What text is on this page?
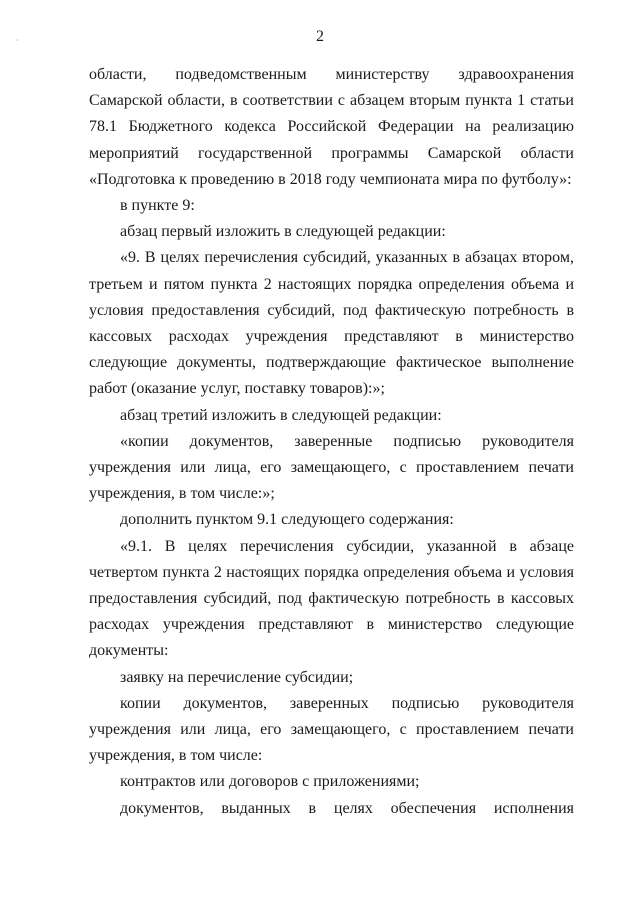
·	2

области, подведомственным министерству здравоохранения Самарской области, в соответствии с абзацем вторым пункта 1 статьи 78.1 Бюджетного кодекса Российской Федерации на реализацию мероприятий государственной программы Самарской области «Подготовка к проведению в 2018 году чемпионата мира по футболу»:

в пункте 9:

абзац первый изложить в следующей редакции:

«9. В целях перечисления субсидий, указанных в абзацах втором, третьем и пятом пункта 2 настоящих порядка определения объема и условия предоставления субсидий, под фактическую потребность в кассовых расходах учреждения представляют в министерство следующие документы, подтверждающие фактическое выполнение работ (оказание услуг, поставку товаров):»;

абзац третий изложить в следующей редакции:

«копии документов, заверенные подписью руководителя учреждения или лица, его замещающего, с проставлением печати учреждения, в том числе:»;

дополнить пунктом 9.1 следующего содержания:

«9.1. В целях перечисления субсидии, указанной в абзаце четвертом пункта 2 настоящих порядка определения объема и условия предоставления субсидий, под фактическую потребность в кассовых расходах учреждения представляют в министерство следующие документы:

заявку на перечисление субсидии;

копии документов, заверенных подписью руководителя учреждения или лица, его замещающего, с проставлением печати учреждения, в том числе:

контрактов или договоров с приложениями;

документов, выданных в целях обеспечения исполнения
